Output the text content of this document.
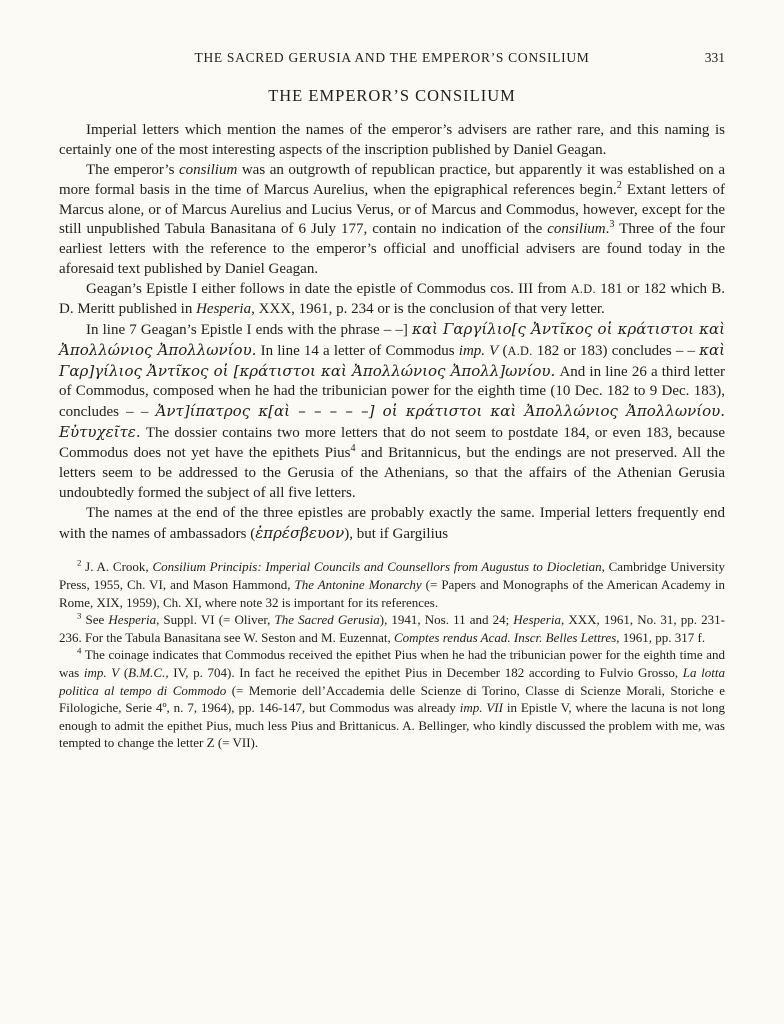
THE SACRED GERUSIA AND THE EMPEROR’S CONSILIUM	331
THE EMPEROR’S CONSILIUM

Imperial letters which mention the names of the emperor’s advisers are rather rare, and this naming is certainly one of the most interesting aspects of the inscription published by Daniel Geagan.

The emperor’s consilium was an outgrowth of republican practice, but apparently it was established on a more formal basis in the time of Marcus Aurelius, when the epigraphical references begin.$^2$ Extant letters of Marcus alone, or of Marcus Aurelius and Lucius Verus, or of Marcus and Commodus, however, except for the still unpublished Tabula Banasitana of 6 July 177, contain no indication of the consilium.$^3$ Three of the four earliest letters with the reference to the emperor’s official and unofficial advisers are found today in the aforesaid text published by Daniel Geagan.

Geagan’s Epistle I either follows in date the epistle of Commodus cos. III from A.D. 181 or 182 which B. D. Meritt published in Hesperia, XXX, 1961, p. 234 or is the conclusion of that very letter.

In line 7 Geagan’s Epistle I ends with the phrase – –] καὶ Γαργίλιο[ς Ἀντῖκος οἱ κράτιστοι καὶ Ἀπολλώνιος Ἀπολλωνίου. In line 14 a letter of Commodus imp. V (A.D. 182 or 183) concludes – – καὶ Γαρ]γίλιος Ἀντῖκος οἱ [κράτιστοι καὶ Ἀπολλώνιος Ἀπολλ]ωνίου. And in line 26 a third letter of Commodus, composed when he had the tribunician power for the eighth time (10 Dec. 182 to 9 Dec. 183), concludes – – Ἀντ]ίπατρος κ[αὶ – – – – –] οἱ κράτιστοι καὶ Ἀπολλώνιος Ἀπολλωνίου. Εὐτυχεῖτε. The dossier contains two more letters that do not seem to postdate 184, or even 183, because Commodus does not yet have the epithets Pius$^4$ and Britannicus, but the endings are not preserved. All the letters seem to be addressed to the Gerusia of the Athenians, so that the affairs of the Athenian Gerusia undoubtedly formed the subject of all five letters.

The names at the end of the three epistles are probably exactly the same. Imperial letters frequently end with the names of ambassadors (ἐπρέσβευον), but if Gargilius

$^2$ J. A. Crook, Consilium Principis: Imperial Councils and Counsellors from Augustus to Diocletian, Cambridge University Press, 1955, Ch. VI, and Mason Hammond, The Antonine Monarchy (= Papers and Monographs of the American Academy in Rome, XIX, 1959), Ch. XI, where note 32 is important for its references.

$^3$ See Hesperia, Suppl. VI (= Oliver, The Sacred Gerusia), 1941, Nos. 11 and 24; Hesperia, XXX, 1961, No. 31, pp. 231-236. For the Tabula Banasitana see W. Seston and M. Euzennat, Comptes rendus Acad. Inscr. Belles Lettres, 1961, pp. 317 f.

$^4$ The coinage indicates that Commodus received the epithet Pius when he had the tribunician power for the eighth time and was imp. V (B.M.C., IV, p. 704). In fact he received the epithet Pius in December 182 according to Fulvio Grosso, La lotta politica al tempo di Commodo (= Memorie dell’Accademia delle Scienze di Torino, Classe di Scienze Morali, Storiche e Filologiche, Serie 4º, n. 7, 1964), pp. 146-147, but Commodus was already imp. VII in Epistle V, where the lacuna is not long enough to admit the epithet Pius, much less Pius and Brittanicus. A. Bellinger, who kindly discussed the problem with me, was tempted to change the letter Z (= VII).
